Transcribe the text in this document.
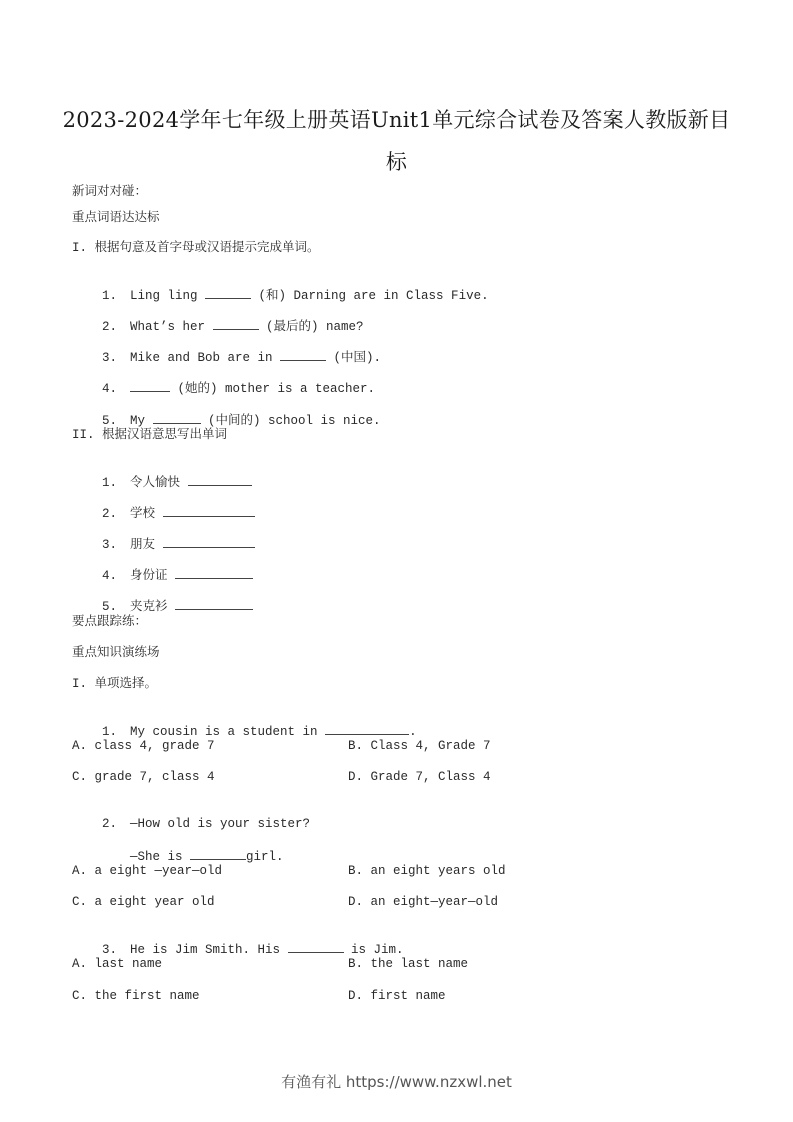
2023-2024学年七年级上册英语Unit1单元综合试卷及答案人教版新目
标
新词对对碰：
重点词语达达标
I. 根据句意及首字母或汉语提示完成单词。

1. Ling ling	(和) Darning are in Class Five.

2. What’s her	(最后的) name?

3. Mike and Bob are in	(中国).

4.	(她的) mother is a teacher.

5. My	(中间的) school is nice.

II. 根据汉语意思写出单词

1. 令人愉快

2. 学校

3. 朋友

4. 身份证

5. 夹克衫

要点跟踪练：
重点知识演练场
I. 单项选择。

1. My cousin is a student in	.

A. class 4, grade 7	B. Class 4, Grade 7
C. grade 7, class 4	D. Grade 7, Class 4

2. —How old is your sister?

—She is	girl.

A. a eight —year—old	B. an eight years old
C. a eight year old	D. an eight—year—old

3. He is Jim Smith. His	is Jim.

A. last name	B. the last name
C. the first name	D. first name
有渔有礼 https://www.nzxwl.net
